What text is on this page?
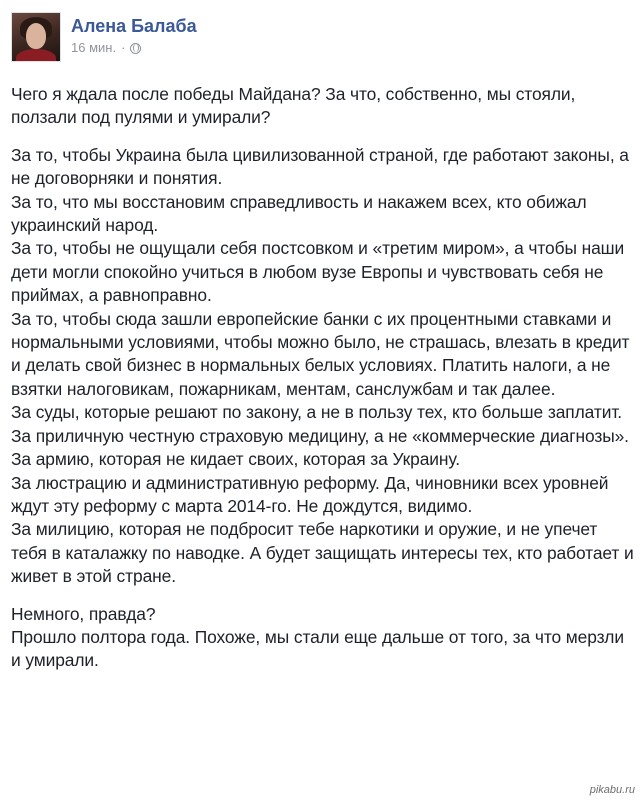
Алена Балаба
16 мин. ·

Чего я ждала после победы Майдана? За что, собственно, мы стояли, ползали под пулями и умирали?

За то, чтобы Украина была цивилизованной страной, где работают законы, а не договорняки и понятия.

За то, что мы восстановим справедливость и накажем всех, кто обижал украинский народ.

За то, чтобы не ощущали себя постсовком и «третим миром», а чтобы наши дети могли спокойно учиться в любом вузе Европы и чувствовать себя не приймах, а равноправно.

За то, чтобы сюда зашли европейские банки с их процентными ставками и нормальными условиями, чтобы можно было, не страшась, влезать в кредит и делать свой бизнес в нормальных белых условиях. Платить налоги, а не взятки налоговикам, пожарникам, ментам, санслужбам и так далее.

За суды, которые решают по закону, а не в пользу тех, кто больше заплатит.

За приличную честную страховую медицину, а не «коммерческие диагнозы».

За армию, которая не кидает своих, которая за Украину.

За люстрацию и административную реформу. Да, чиновники всех уровней ждут эту реформу с марта 2014-го. Не дождутся, видимо.

За милицию, которая не подбросит тебе наркотики и оружие, и не упечет тебя в каталажку по наводке. А будет защищать интересы тех, кто работает и живет в этой стране.

Немного, правда?

Прошло полтора года. Похоже, мы стали еще дальше от того, за что мерзли и умирали.

pikabu.ru
